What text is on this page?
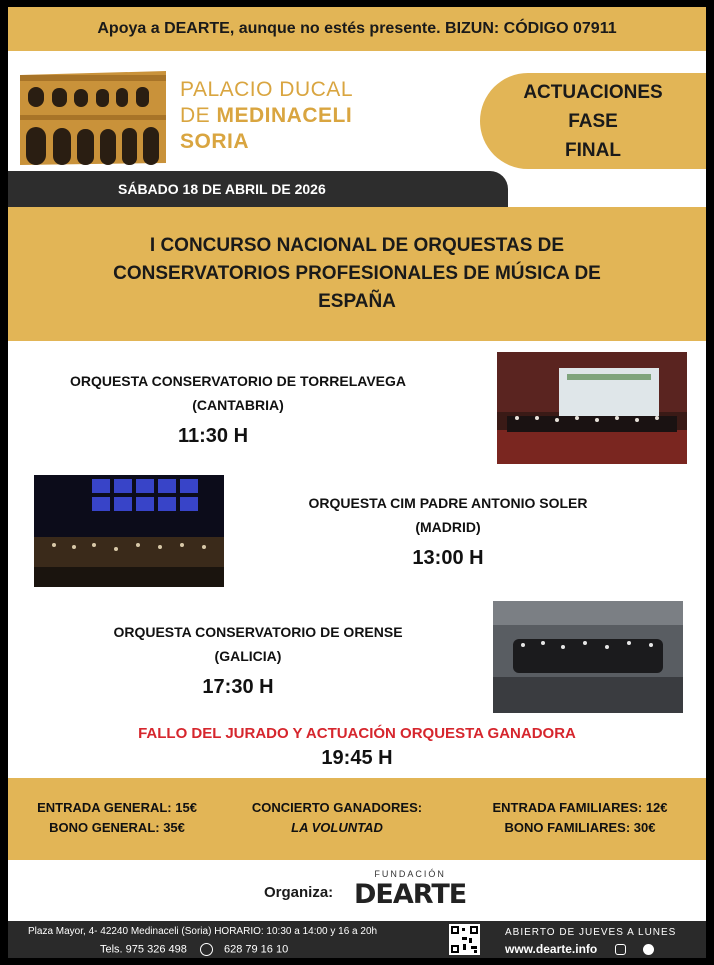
Apoya a DEARTE, aunque no estés presente. BIZUN: CÓDIGO 07911
PALACIO DUCAL
DE MEDINACELI
SORIA
ACTUACIONES
FASE
FINAL
SÁBADO 18 DE ABRIL DE 2026
I CONCURSO NACIONAL DE ORQUESTAS DE
CONSERVATORIOS PROFESIONALES DE MÚSICA DE
ESPAÑA
ORQUESTA CONSERVATORIO DE TORRELAVEGA
(CANTABRIA)
11:30 H
ORQUESTA CIM PADRE ANTONIO SOLER
(MADRID)
13:00 H
ORQUESTA CONSERVATORIO DE ORENSE
(GALICIA)
17:30 H
FALLO DEL JURADO Y ACTUACIÓN ORQUESTA GANADORA
19:45 H
ENTRADA GENERAL: 15€
BONO GENERAL: 35€
CONCIERTO GANADORES:
LA VOLUNTAD
ENTRADA FAMILIARES: 12€
BONO FAMILIARES: 30€
Organiza:
FUNDACIÓN
DEARTE
Plaza Mayor, 4- 42240 Medinaceli (Soria) HORARIO: 10:30 a 14:00 y 16 a 20h
Tels. 975 326 498	628 79 16 10
ABIERTO DE JUEVES A LUNES
www.dearte.info
